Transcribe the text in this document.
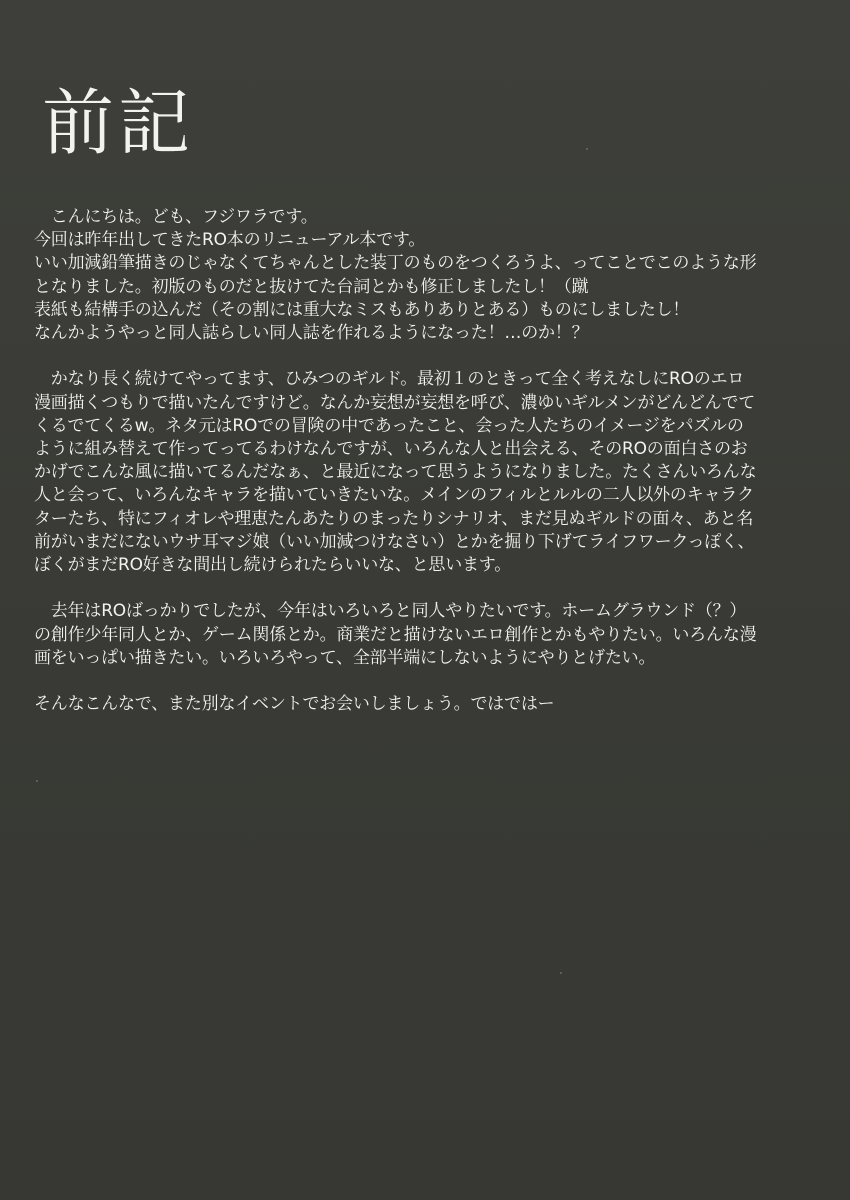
前記

　こんにちは。ども、フジワラです。
今回は昨年出してきたRO本のリニューアル本です。
いい加減鉛筆描きのじゃなくてちゃんとした装丁のものをつくろうよ、ってことでこのような形
となりました。初版のものだと抜けてた台詞とかも修正しましたし！（蹴
表紙も結構手の込んだ（その割には重大なミスもありありとある）ものにしましたし！
なんかようやっと同人誌らしい同人誌を作れるようになった！…のか！？

　かなり長く続けてやってます、ひみつのギルド。最初１のときって全く考えなしにROのエロ
漫画描くつもりで描いたんですけど。なんか妄想が妄想を呼び、濃ゆいギルメンがどんどんでて
くるでてくるw。ネタ元はROでの冒険の中であったこと、会った人たちのイメージをパズルの
ように組み替えて作ってってるわけなんですが、いろんな人と出会える、そのROの面白さのお
かげでこんな風に描いてるんだなぁ、と最近になって思うようになりました。たくさんいろんな
人と会って、いろんなキャラを描いていきたいな。メインのフィルとルルの二人以外のキャラク
ターたち、特にフィオレや理恵たんあたりのまったりシナリオ、まだ見ぬギルドの面々、あと名
前がいまだにないウサ耳マジ娘（いい加減つけなさい）とかを掘り下げてライフワークっぽく、
ぼくがまだRO好きな間出し続けられたらいいな、と思います。

　去年はROばっかりでしたが、今年はいろいろと同人やりたいです。ホームグラウンド（？）
の創作少年同人とか、ゲーム関係とか。商業だと描けないエロ創作とかもやりたい。いろんな漫
画をいっぱい描きたい。いろいろやって、全部半端にしないようにやりとげたい。

そんなこんなで、また別なイベントでお会いしましょう。ではではー
